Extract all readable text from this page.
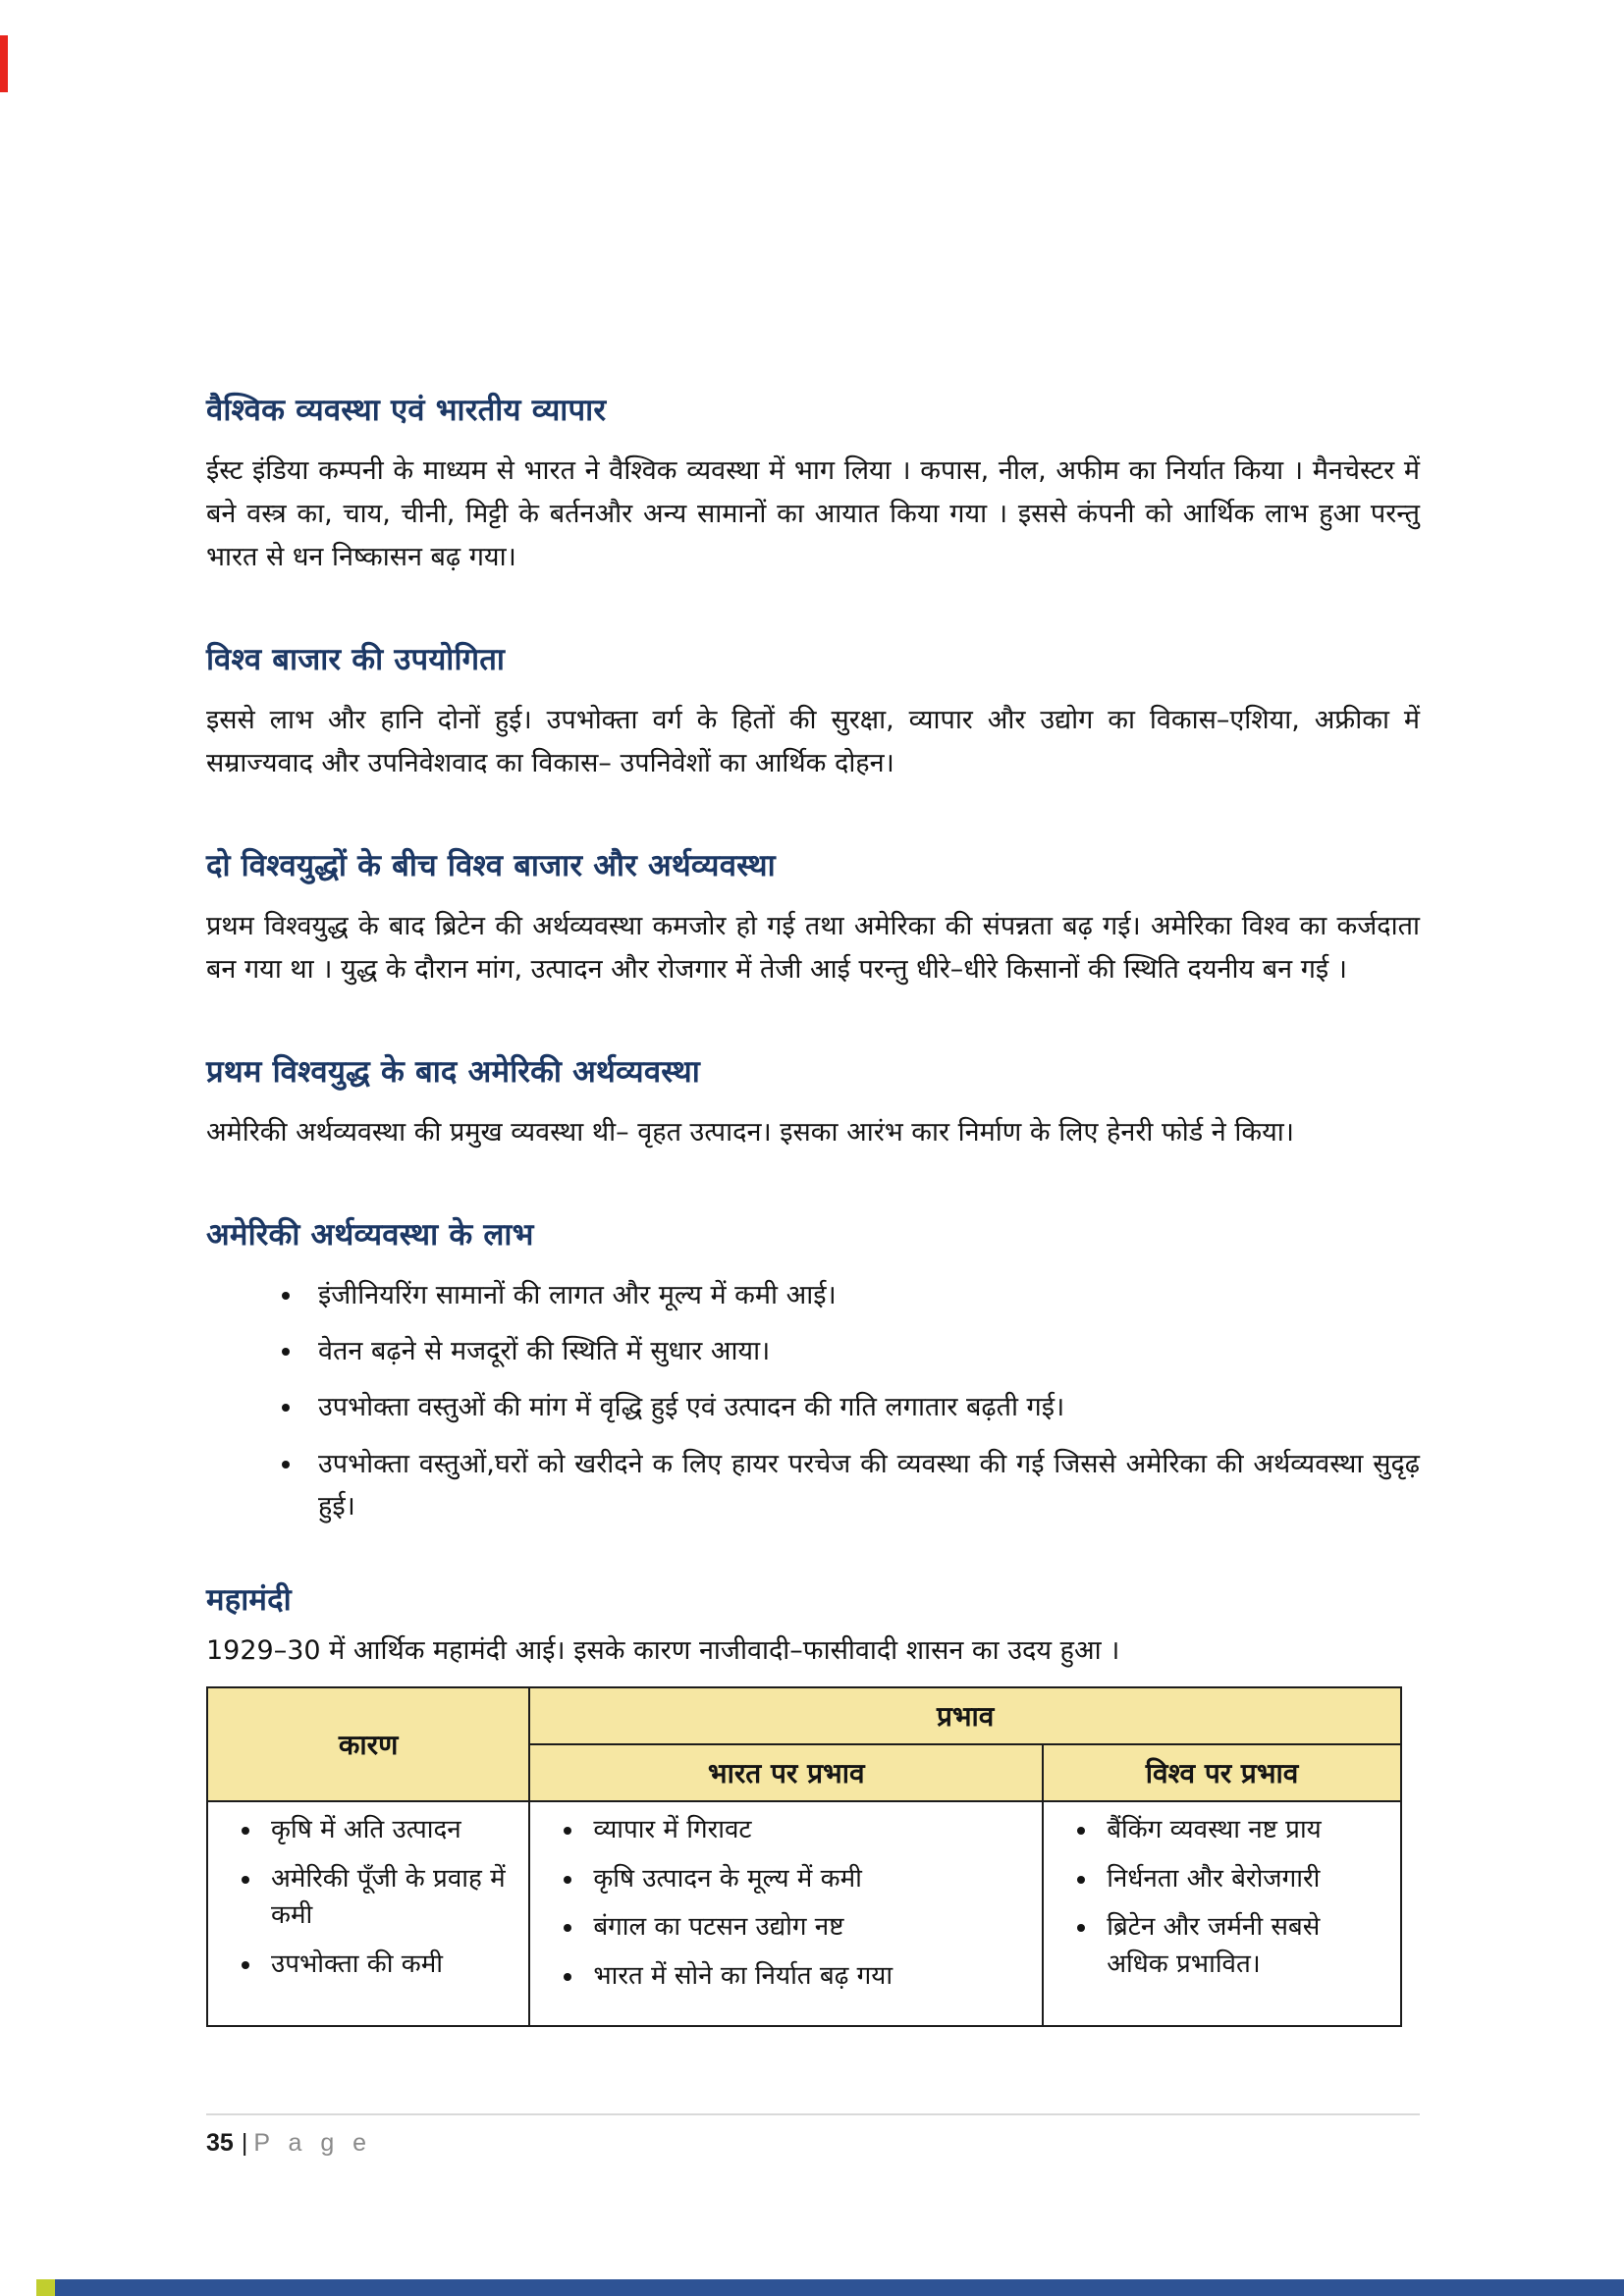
वैश्विक व्यवस्था एवं भारतीय व्यापार

ईस्ट इंडिया कम्पनी के माध्यम से भारत ने वैश्विक व्यवस्था में भाग लिया । कपास, नील, अफीम का निर्यात किया । मैनचेस्टर में बने वस्त्र का, चाय, चीनी, मिट्टी के बर्तनऔर अन्य सामानों का आयात किया गया । इससे कंपनी को आर्थिक लाभ हुआ परन्तु भारत से धन निष्कासन बढ़ गया।

विश्व बाजार की उपयोगिता

इससे लाभ और हानि दोनों हुई। उपभोक्ता वर्ग के हितों की सुरक्षा, व्यापार और उद्योग का विकास–एशिया, अफ्रीका में सम्राज्यवाद और उपनिवेशवाद का विकास– उपनिवेशों का आर्थिक दोहन।

दो विश्वयुद्धों के बीच विश्व बाजार और अर्थव्यवस्था

प्रथम विश्वयुद्ध के बाद ब्रिटेन की अर्थव्यवस्था कमजोर हो गई तथा अमेरिका की संपन्नता बढ़ गई। अमेरिका विश्व का कर्जदाता बन गया था । युद्ध के दौरान मांग, उत्पादन और रोजगार में तेजी आई परन्तु धीरे–धीरे किसानों की स्थिति दयनीय बन गई ।

प्रथम विश्वयुद्ध के बाद अमेरिकी अर्थव्यवस्था

अमेरिकी अर्थव्यवस्था की प्रमुख व्यवस्था थी– वृहत उत्पादन। इसका आरंभ कार निर्माण के लिए हेनरी फोर्ड ने किया।

अमेरिकी अर्थव्यवस्था के लाभ
• इंजीनियरिंग सामानों की लागत और मूल्य में कमी आई।
• वेतन बढ़ने से मजदूरों की स्थिति में सुधार आया।
• उपभोक्ता वस्तुओं की मांग में वृद्धि हुई एवं उत्पादन की गति लगातार बढ़ती गई।
• उपभोक्ता वस्तुओं,घरों को खरीदने क लिए हायर परचेज की व्यवस्था की गई जिससे अमेरिका की अर्थव्यवस्था सुदृढ़ हुई।
महामंदी

1929–30 में आर्थिक महामंदी आई। इसके कारण नाजीवादी–फासीवादी शासन का उदय हुआ ।

कारण	प्रभाव	
	भारत पर प्रभाव	विश्व पर प्रभाव

• कृषि में अति उत्पादन
• अमेरिकी पूँजी के प्रवाह में कमी
• उपभोक्ता की कमी

• व्यापार में गिरावट
• कृषि उत्पादन के मूल्य में कमी
• बंगाल का पटसन उद्योग नष्ट
• भारत में सोने का निर्यात बढ़ गया

• बैंकिंग व्यवस्था नष्ट प्राय
• निर्धनता और बेरोजगारी
• ब्रिटेन और जर्मनी सबसे अधिक प्रभावित।
35 | P a g e
